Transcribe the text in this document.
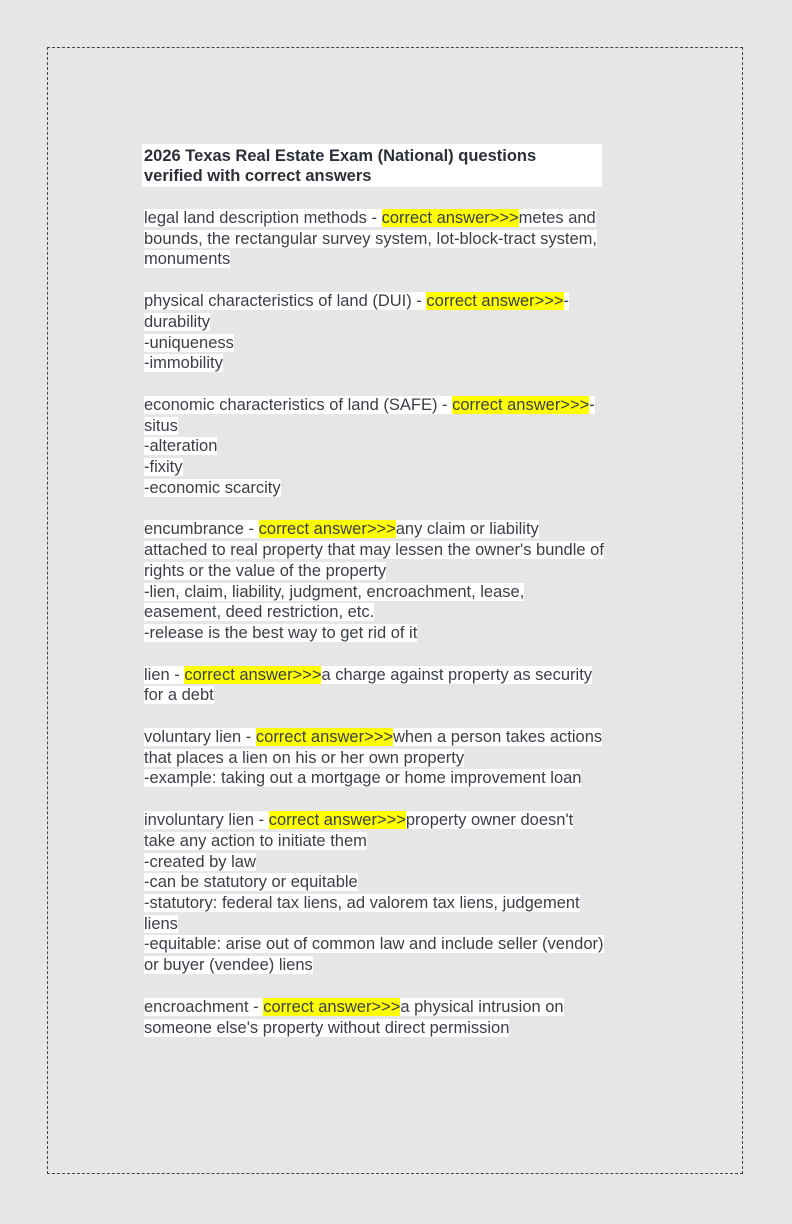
2026 Texas Real Estate Exam (National) questions
verified with correct answers
legal land description methods - correct answer>>>metes and
bounds, the rectangular survey system, lot-block-tract system,
monuments
physical characteristics of land (DUI) - correct answer>>>-
durability
-uniqueness
-immobility
economic characteristics of land (SAFE) - correct answer>>>-
situs
-alteration
-fixity
-economic scarcity
encumbrance - correct answer>>>any claim or liability
attached to real property that may lessen the owner's bundle of
rights or the value of the property
-lien, claim, liability, judgment, encroachment, lease,
easement, deed restriction, etc.
-release is the best way to get rid of it
lien - correct answer>>>a charge against property as security
for a debt
voluntary lien - correct answer>>>when a person takes actions
that places a lien on his or her own property
-example: taking out a mortgage or home improvement loan
involuntary lien - correct answer>>>property owner doesn't
take any action to initiate them
-created by law
-can be statutory or equitable
-statutory: federal tax liens, ad valorem tax liens, judgement
liens
-equitable: arise out of common law and include seller (vendor)
or buyer (vendee) liens
encroachment - correct answer>>>a physical intrusion on
someone else's property without direct permission
